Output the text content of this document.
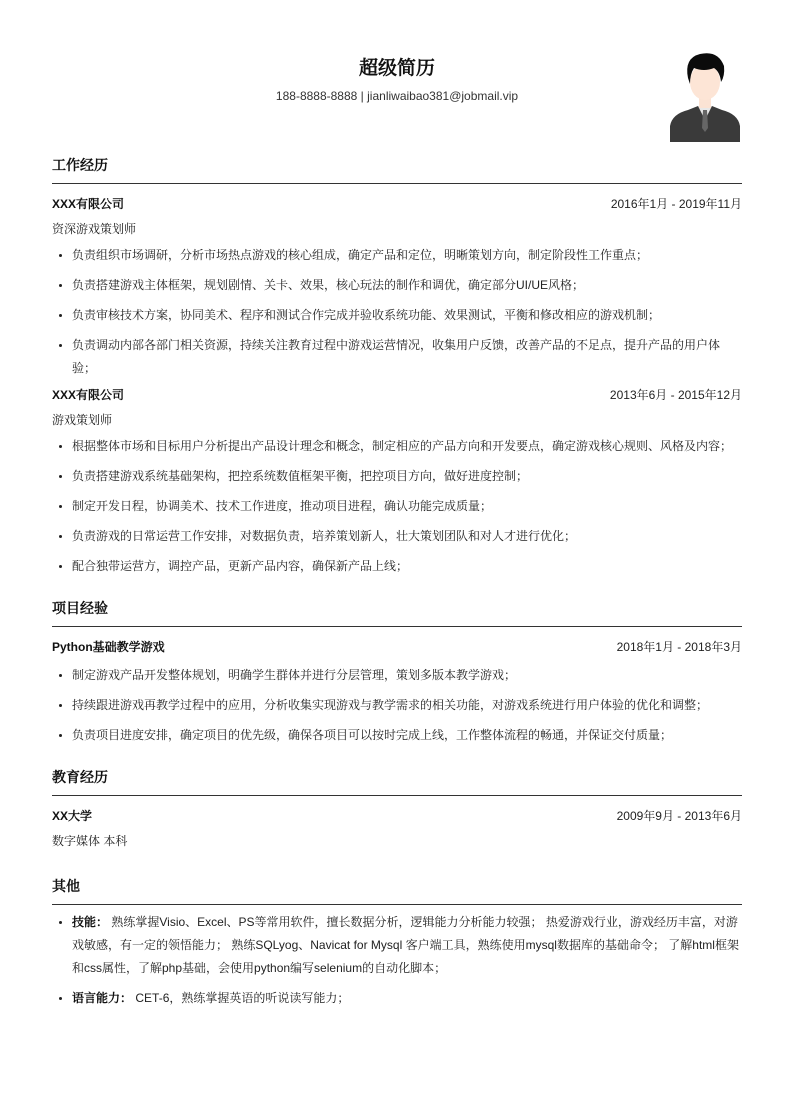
超级简历
188-8888-8888 | jianliwaibao381@jobmail.vip
工作经历
XXX有限公司	2016年1月 - 2019年11月
资深游戏策划师
• 负责组织市场调研，分析市场热点游戏的核心组成，确定产品和定位，明晰策划方向，制定阶段性工作重点；
• 负责搭建游戏主体框架，规划剧情、关卡、效果，核心玩法的制作和调优，确定部分UI/UE风格；
• 负责审核技术方案，协同美术、程序和测试合作完成并验收系统功能、效果测试，平衡和修改相应的游戏机制；
• 负责调动内部各部门相关资源，持续关注教育过程中游戏运营情况，收集用户反馈，改善产品的不足点，提升产品的用户体验；
XXX有限公司	2013年6月 - 2015年12月
游戏策划师
• 根据整体市场和目标用户分析提出产品设计理念和概念，制定相应的产品方向和开发要点，确定游戏核心规则、风格及内容；
• 负责搭建游戏系统基础架构，把控系统数值框架平衡，把控项目方向，做好进度控制；
• 制定开发日程，协调美术、技术工作进度，推动项目进程，确认功能完成质量；
• 负责游戏的日常运营工作安排，对数据负责，培养策划新人，壮大策划团队和对人才进行优化；
• 配合独带运营方，调控产品，更新产品内容，确保新产品上线；
项目经验
Python基础教学游戏	2018年1月 - 2018年3月
• 制定游戏产品开发整体规划，明确学生群体并进行分层管理，策划多版本教学游戏；
• 持续跟进游戏再教学过程中的应用，分析收集实现游戏与教学需求的相关功能，对游戏系统进行用户体验的优化和调整；
• 负责项目进度安排，确定项目的优先级，确保各项目可以按时完成上线，工作整体流程的畅通，并保证交付质量；
教育经历
XX大学	2009年9月 - 2013年6月
数字媒体 本科
其他
• 技能： 熟练掌握Visio、Excel、PS等常用软件，擅长数据分析，逻辑能力分析能力较强； 热爱游戏行业，游戏经历丰富，对游戏敏感，有一定的领悟能力； 熟练SQLyog、Navicat for Mysql 客户端工具，熟练使用mysql数据库的基础命令； 了解html框架和css属性，了解php基础，会使用python编写selenium的自动化脚本；
• 语言能力： CET-6，熟练掌握英语的听说读写能力；
